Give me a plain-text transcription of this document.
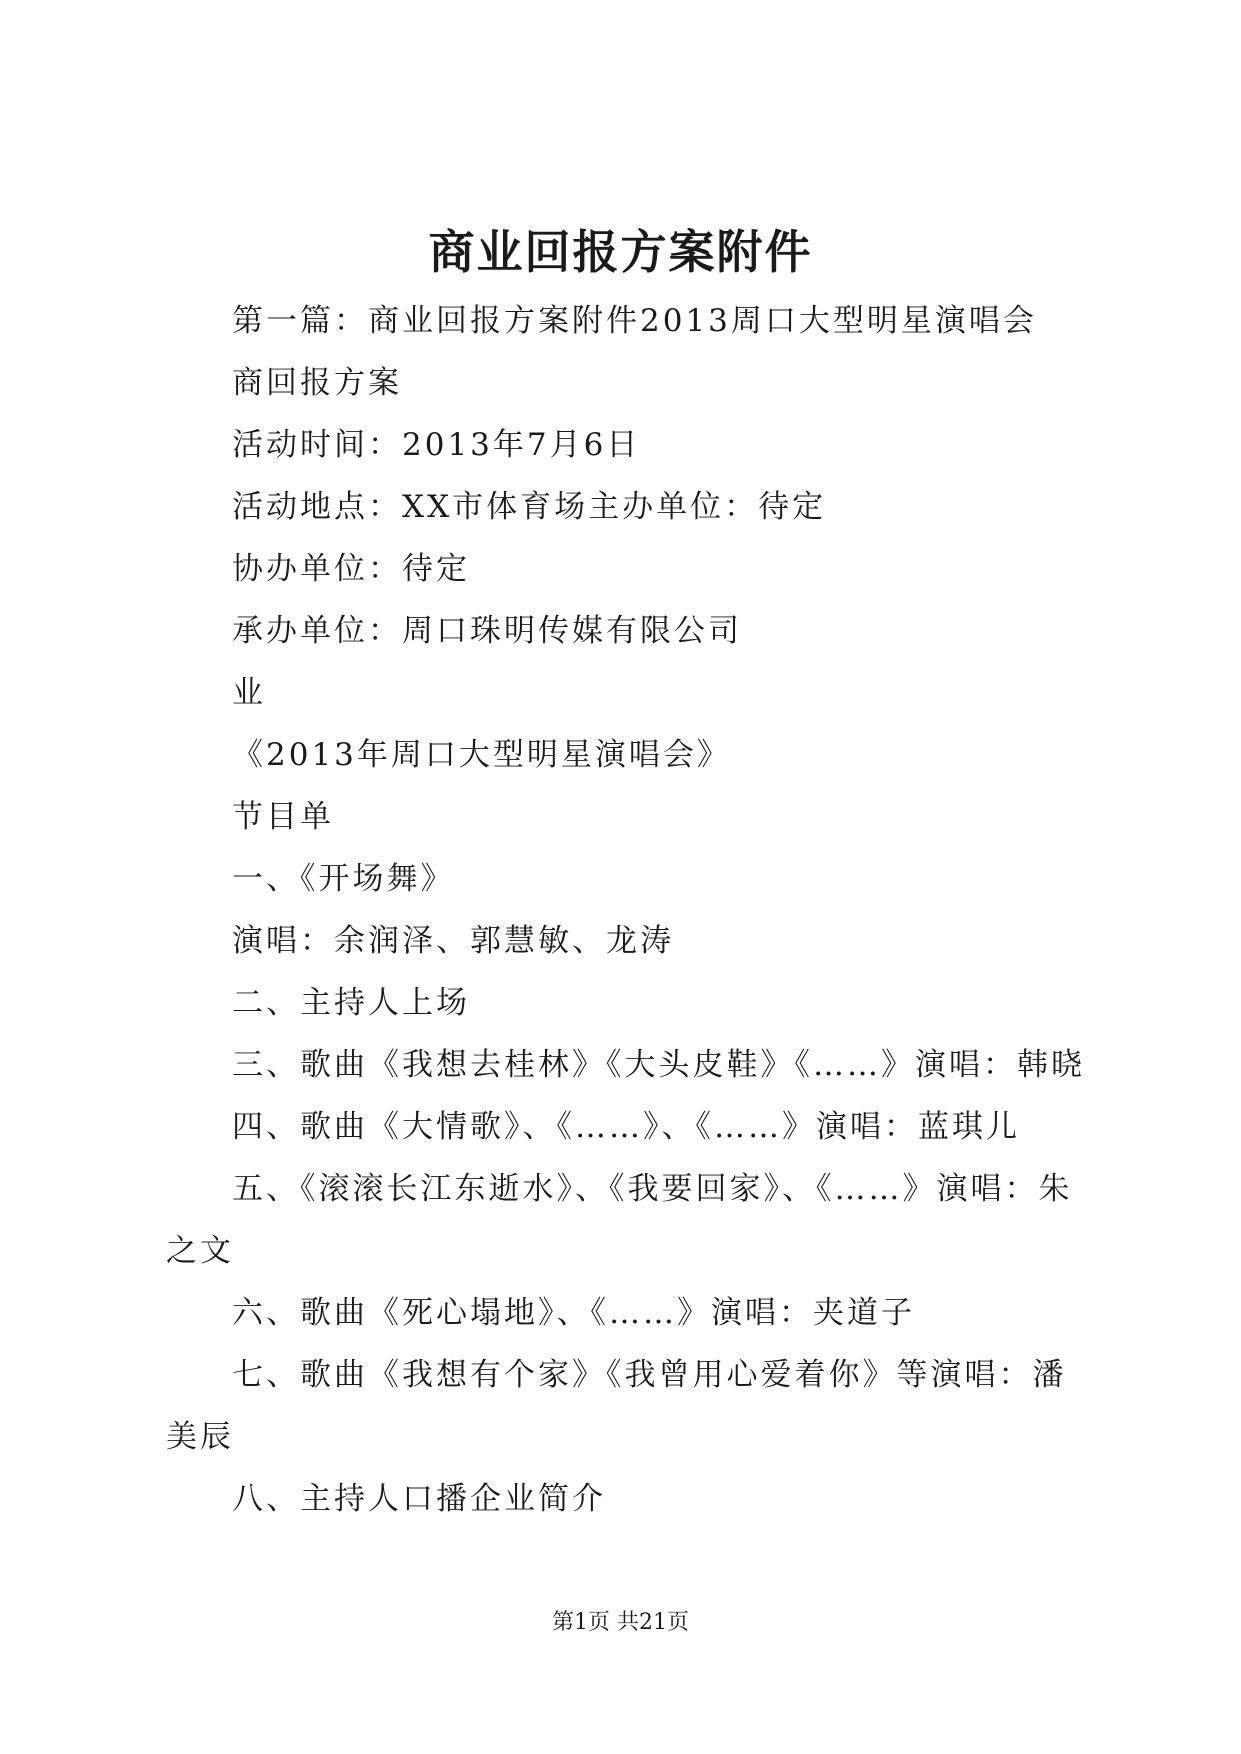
商业回报方案附件

第一篇：商业回报方案附件2013周口大型明星演唱会

商回报方案

活动时间：2013年7月6日

活动地点：XX市体育场主办单位：待定

协办单位：待定

承办单位：周口珠明传媒有限公司

业

《2013年周口大型明星演唱会》

节目单

一、《开场舞》

演唱：余润泽、郭慧敏、龙涛

二、主持人上场

三、歌曲《我想去桂林》《大头皮鞋》《……》演唱：韩晓

四、歌曲《大情歌》、《……》、《……》演唱：蓝琪儿

五、《滚滚长江东逝水》、《我要回家》、《……》演唱：朱之文

六、歌曲《死心塌地》、《……》演唱：夹道子

七、歌曲《我想有个家》《我曾用心爱着你》等演唱：潘美辰

八、主持人口播企业简介

第1页 共21页
